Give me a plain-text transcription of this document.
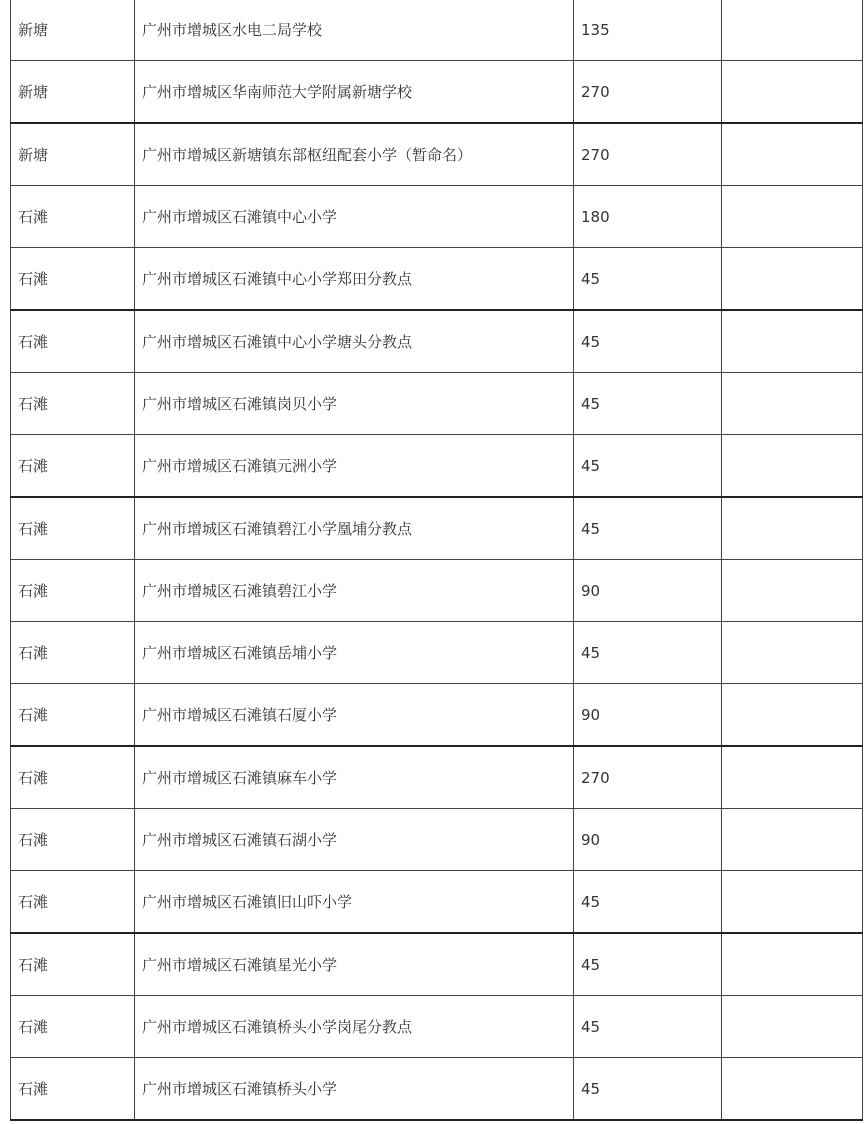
新塘	广州市增城区水电二局学校	135	
新塘	广州市增城区华南师范大学附属新塘学校	270	
新塘	广州市增城区新塘镇东部枢纽配套小学（暂命名）	270	
石滩	广州市增城区石滩镇中心小学	180	
石滩	广州市增城区石滩镇中心小学郑田分教点	45	
石滩	广州市增城区石滩镇中心小学塘头分教点	45	
石滩	广州市增城区石滩镇岗贝小学	45	
石滩	广州市增城区石滩镇元洲小学	45	
石滩	广州市增城区石滩镇碧江小学凰埔分教点	45	
石滩	广州市增城区石滩镇碧江小学	90	
石滩	广州市增城区石滩镇岳埔小学	45	
石滩	广州市增城区石滩镇石厦小学	90	
石滩	广州市增城区石滩镇麻车小学	270	
石滩	广州市增城区石滩镇石湖小学	90	
石滩	广州市增城区石滩镇旧山吓小学	45	
石滩	广州市增城区石滩镇星光小学	45	
石滩	广州市增城区石滩镇桥头小学岗尾分教点	45	
石滩	广州市增城区石滩镇桥头小学	45	
